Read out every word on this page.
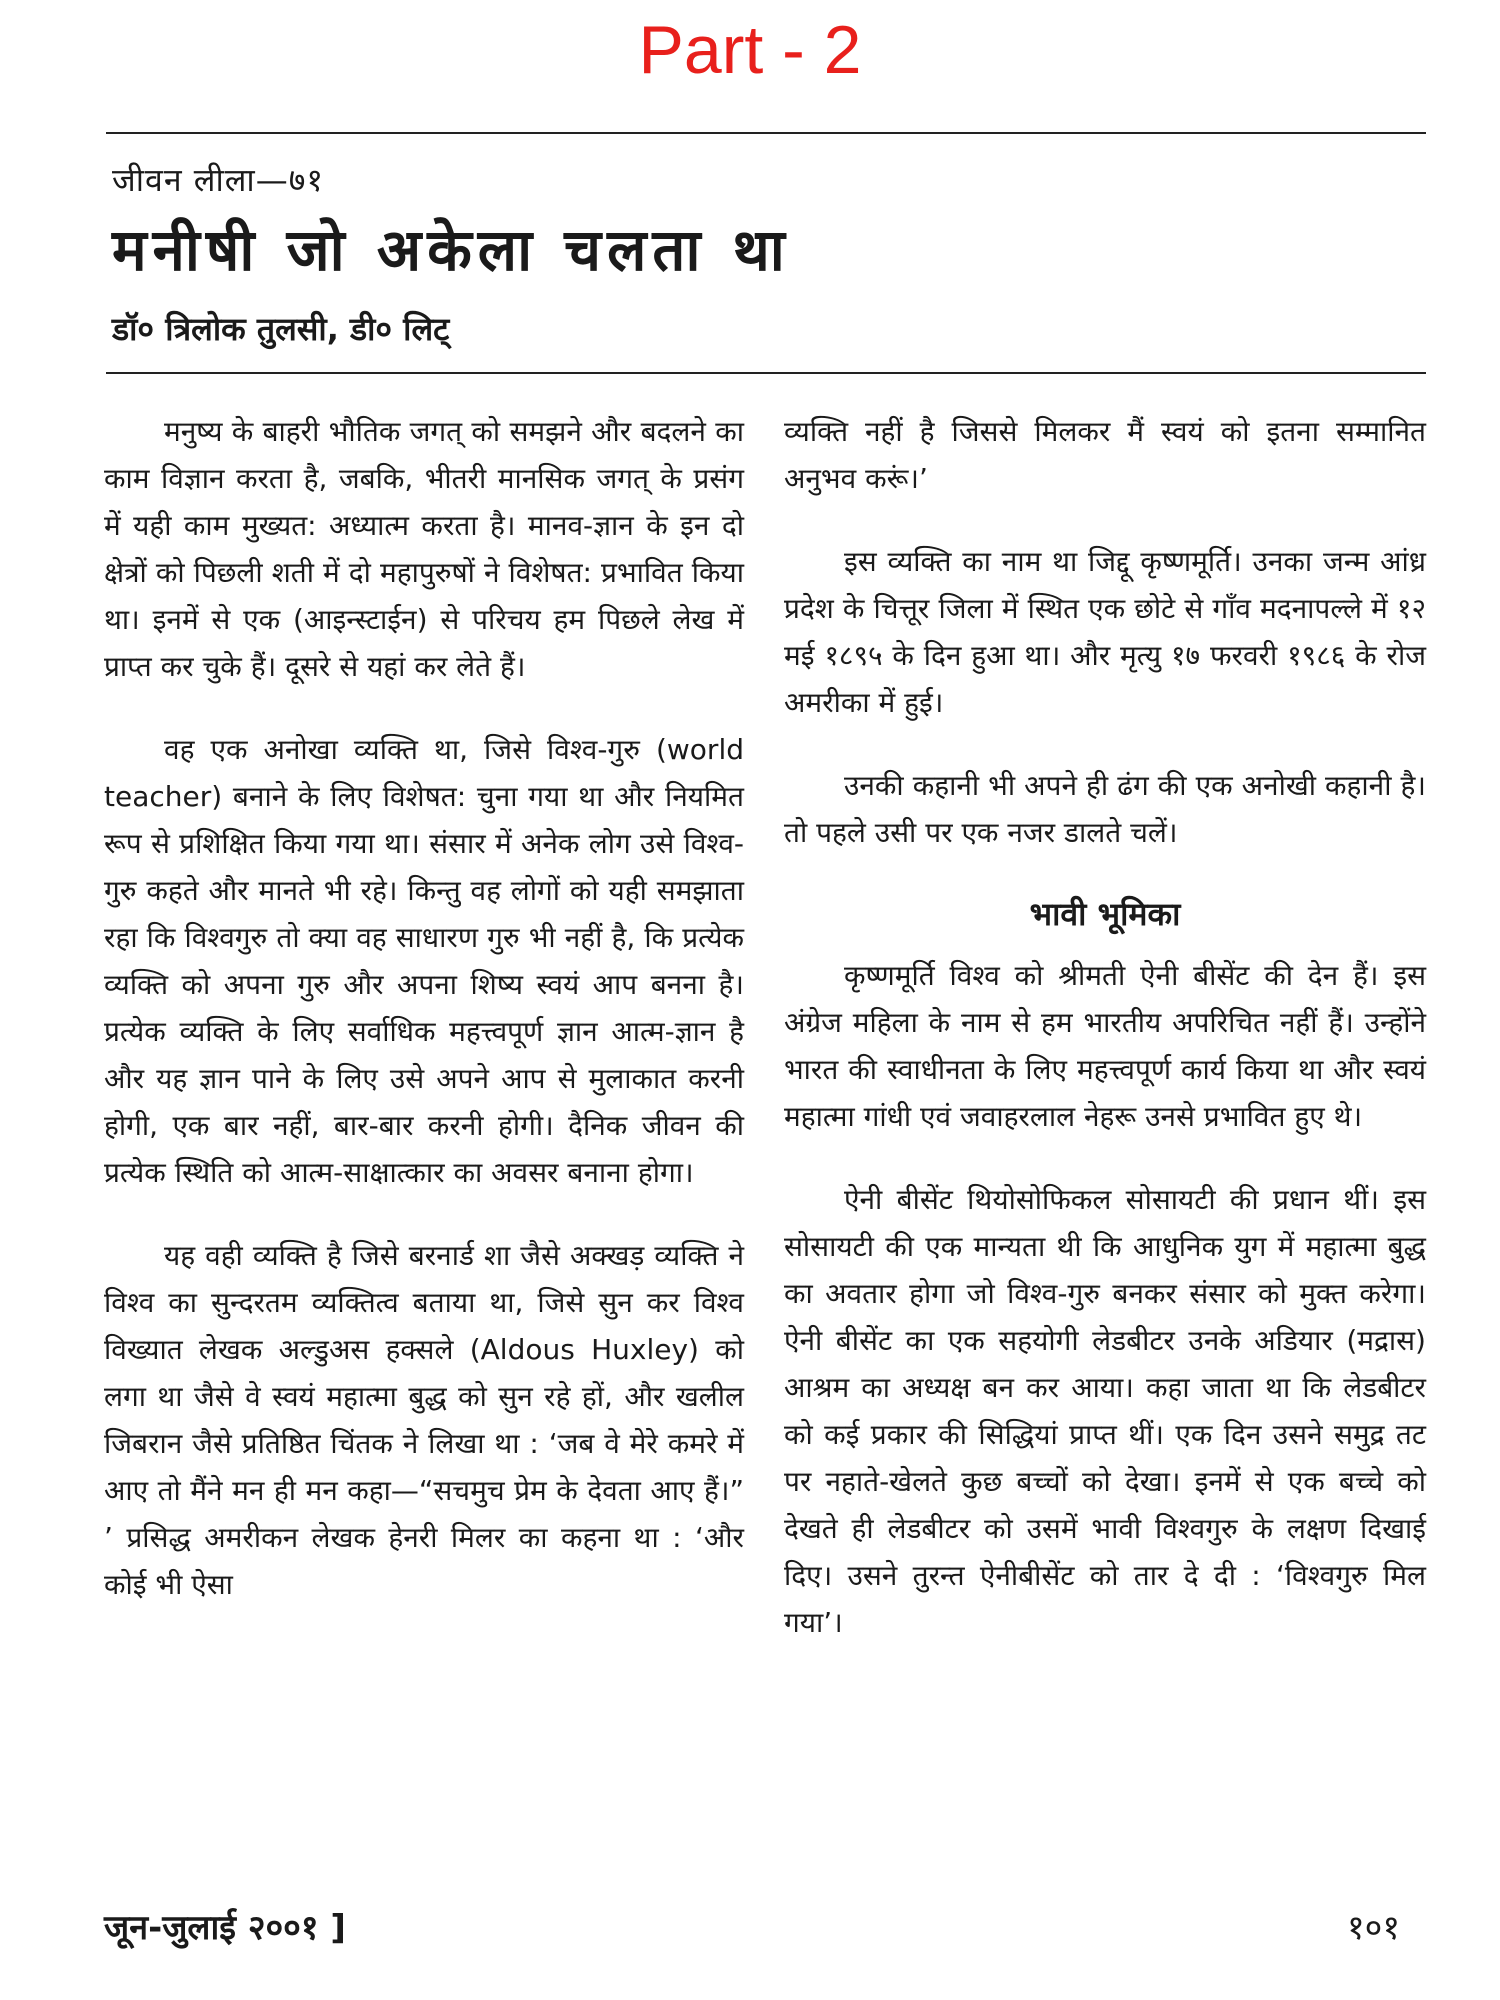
Part - 2
जीवन लीला—७१
मनीषी जो अकेला चलता था
डॉ० त्रिलोक तुलसी, डी० लिट्

मनुष्य के बाहरी भौतिक जगत् को समझने और बदलने का काम विज्ञान करता है, जबकि, भीतरी मानसिक जगत् के प्रसंग में यही काम मुख्यत: अध्यात्म करता है। मानव-ज्ञान के इन दो क्षेत्रों को पिछली शती में दो महापुरुषों ने विशेषत: प्रभावित किया था। इनमें से एक (आइन्स्टाईन) से परिचय हम पिछले लेख में प्राप्त कर चुके हैं। दूसरे से यहां कर लेते हैं।

वह एक अनोखा व्यक्ति था, जिसे विश्व-गुरु (world teacher) बनाने के लिए विशेषत: चुना गया था और नियमित रूप से प्रशिक्षित किया गया था। संसार में अनेक लोग उसे विश्व-गुरु कहते और मानते भी रहे। किन्तु वह लोगों को यही समझाता रहा कि विश्वगुरु तो क्या वह साधारण गुरु भी नहीं है, कि प्रत्येक व्यक्ति को अपना गुरु और अपना शिष्य स्वयं आप बनना है। प्रत्येक व्यक्ति के लिए सर्वाधिक महत्त्वपूर्ण ज्ञान आत्म-ज्ञान है और यह ज्ञान पाने के लिए उसे अपने आप से मुलाकात करनी होगी, एक बार नहीं, बार-बार करनी होगी। दैनिक जीवन की प्रत्येक स्थिति को आत्म-साक्षात्कार का अवसर बनाना होगा।

यह वही व्यक्ति है जिसे बरनार्ड शा जैसे अक्खड़ व्यक्ति ने विश्व का सुन्दरतम व्यक्तित्व बताया था, जिसे सुन कर विश्व विख्यात लेखक अल्डुअस हक्सले (Aldous Huxley) को लगा था जैसे वे स्वयं महात्मा बुद्ध को सुन रहे हों, और खलील जिबरान जैसे प्रतिष्ठित चिंतक ने लिखा था : ‘जब वे मेरे कमरे में आए तो मैंने मन ही मन कहा—“सचमुच प्रेम के देवता आए हैं।” ’ प्रसिद्ध अमरीकन लेखक हेनरी मिलर का कहना था : ‘और कोई भी ऐसा

व्यक्ति नहीं है जिससे मिलकर मैं स्वयं को इतना सम्मानित अनुभव करूं।’

इस व्यक्ति का नाम था जिद्दू कृष्णमूर्ति। उनका जन्म आंध्र प्रदेश के चित्तूर जिला में स्थित एक छोटे से गाँव मदनापल्ले में १२ मई १८९५ के दिन हुआ था। और मृत्यु १७ फरवरी १९८६ के रोज अमरीका में हुई।

उनकी कहानी भी अपने ही ढंग की एक अनोखी कहानी है। तो पहले उसी पर एक नजर डालते चलें।

भावी भूमिका

कृष्णमूर्ति विश्व को श्रीमती ऐनी बीसेंट की देन हैं। इस अंग्रेज महिला के नाम से हम भारतीय अपरिचित नहीं हैं। उन्होंने भारत की स्वाधीनता के लिए महत्त्वपूर्ण कार्य किया था और स्वयं महात्मा गांधी एवं जवाहरलाल नेहरू उनसे प्रभावित हुए थे।

ऐनी बीसेंट थियोसोफिकल सोसायटी की प्रधान थीं। इस सोसायटी की एक मान्यता थी कि आधुनिक युग में महात्मा बुद्ध का अवतार होगा जो विश्व-गुरु बनकर संसार को मुक्त करेगा। ऐनी बीसेंट का एक सहयोगी लेडबीटर उनके अडियार (मद्रास) आश्रम का अध्यक्ष बन कर आया। कहा जाता था कि लेडबीटर को कई प्रकार की सिद्धियां प्राप्त थीं। एक दिन उसने समुद्र तट पर नहाते-खेलते कुछ बच्चों को देखा। इनमें से एक बच्चे को देखते ही लेडबीटर को उसमें भावी विश्वगुरु के लक्षण दिखाई दिए। उसने तुरन्त ऐनीबीसेंट को तार दे दी : ‘विश्वगुरु मिल गया’।

जून-जुलाई २००१ ]	१०१
